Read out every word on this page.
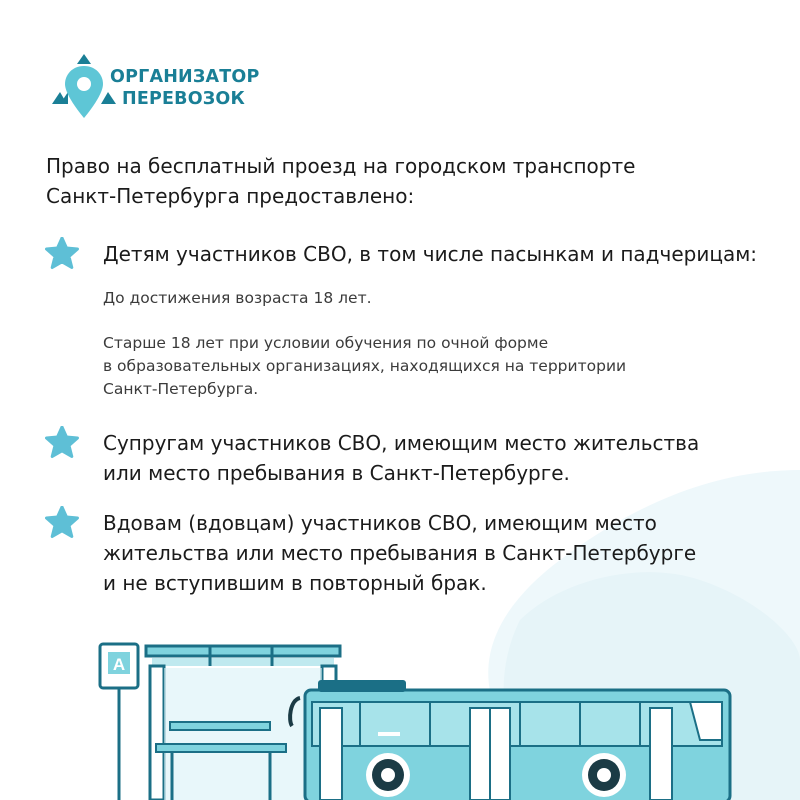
ОРГАНИЗАТОР
ПЕРЕВОЗОК
Право на бесплатный проезд на городском транспорте
Санкт-Петербурга предоставлено:
Детям участников СВО, в том числе пасынкам и падчерицам:
До достижения возраста 18 лет.
Старше 18 лет при условии обучения по очной форме
в образовательных организациях, находящихся на территории
Санкт-Петербурга.
Супругам участников СВО, имеющим место жительства
или место пребывания в Санкт-Петербурге.
Вдовам (вдовцам) участников СВО, имеющим место
жительства или место пребывания в Санкт-Петербурге
и не вступившим в повторный брак.
А
